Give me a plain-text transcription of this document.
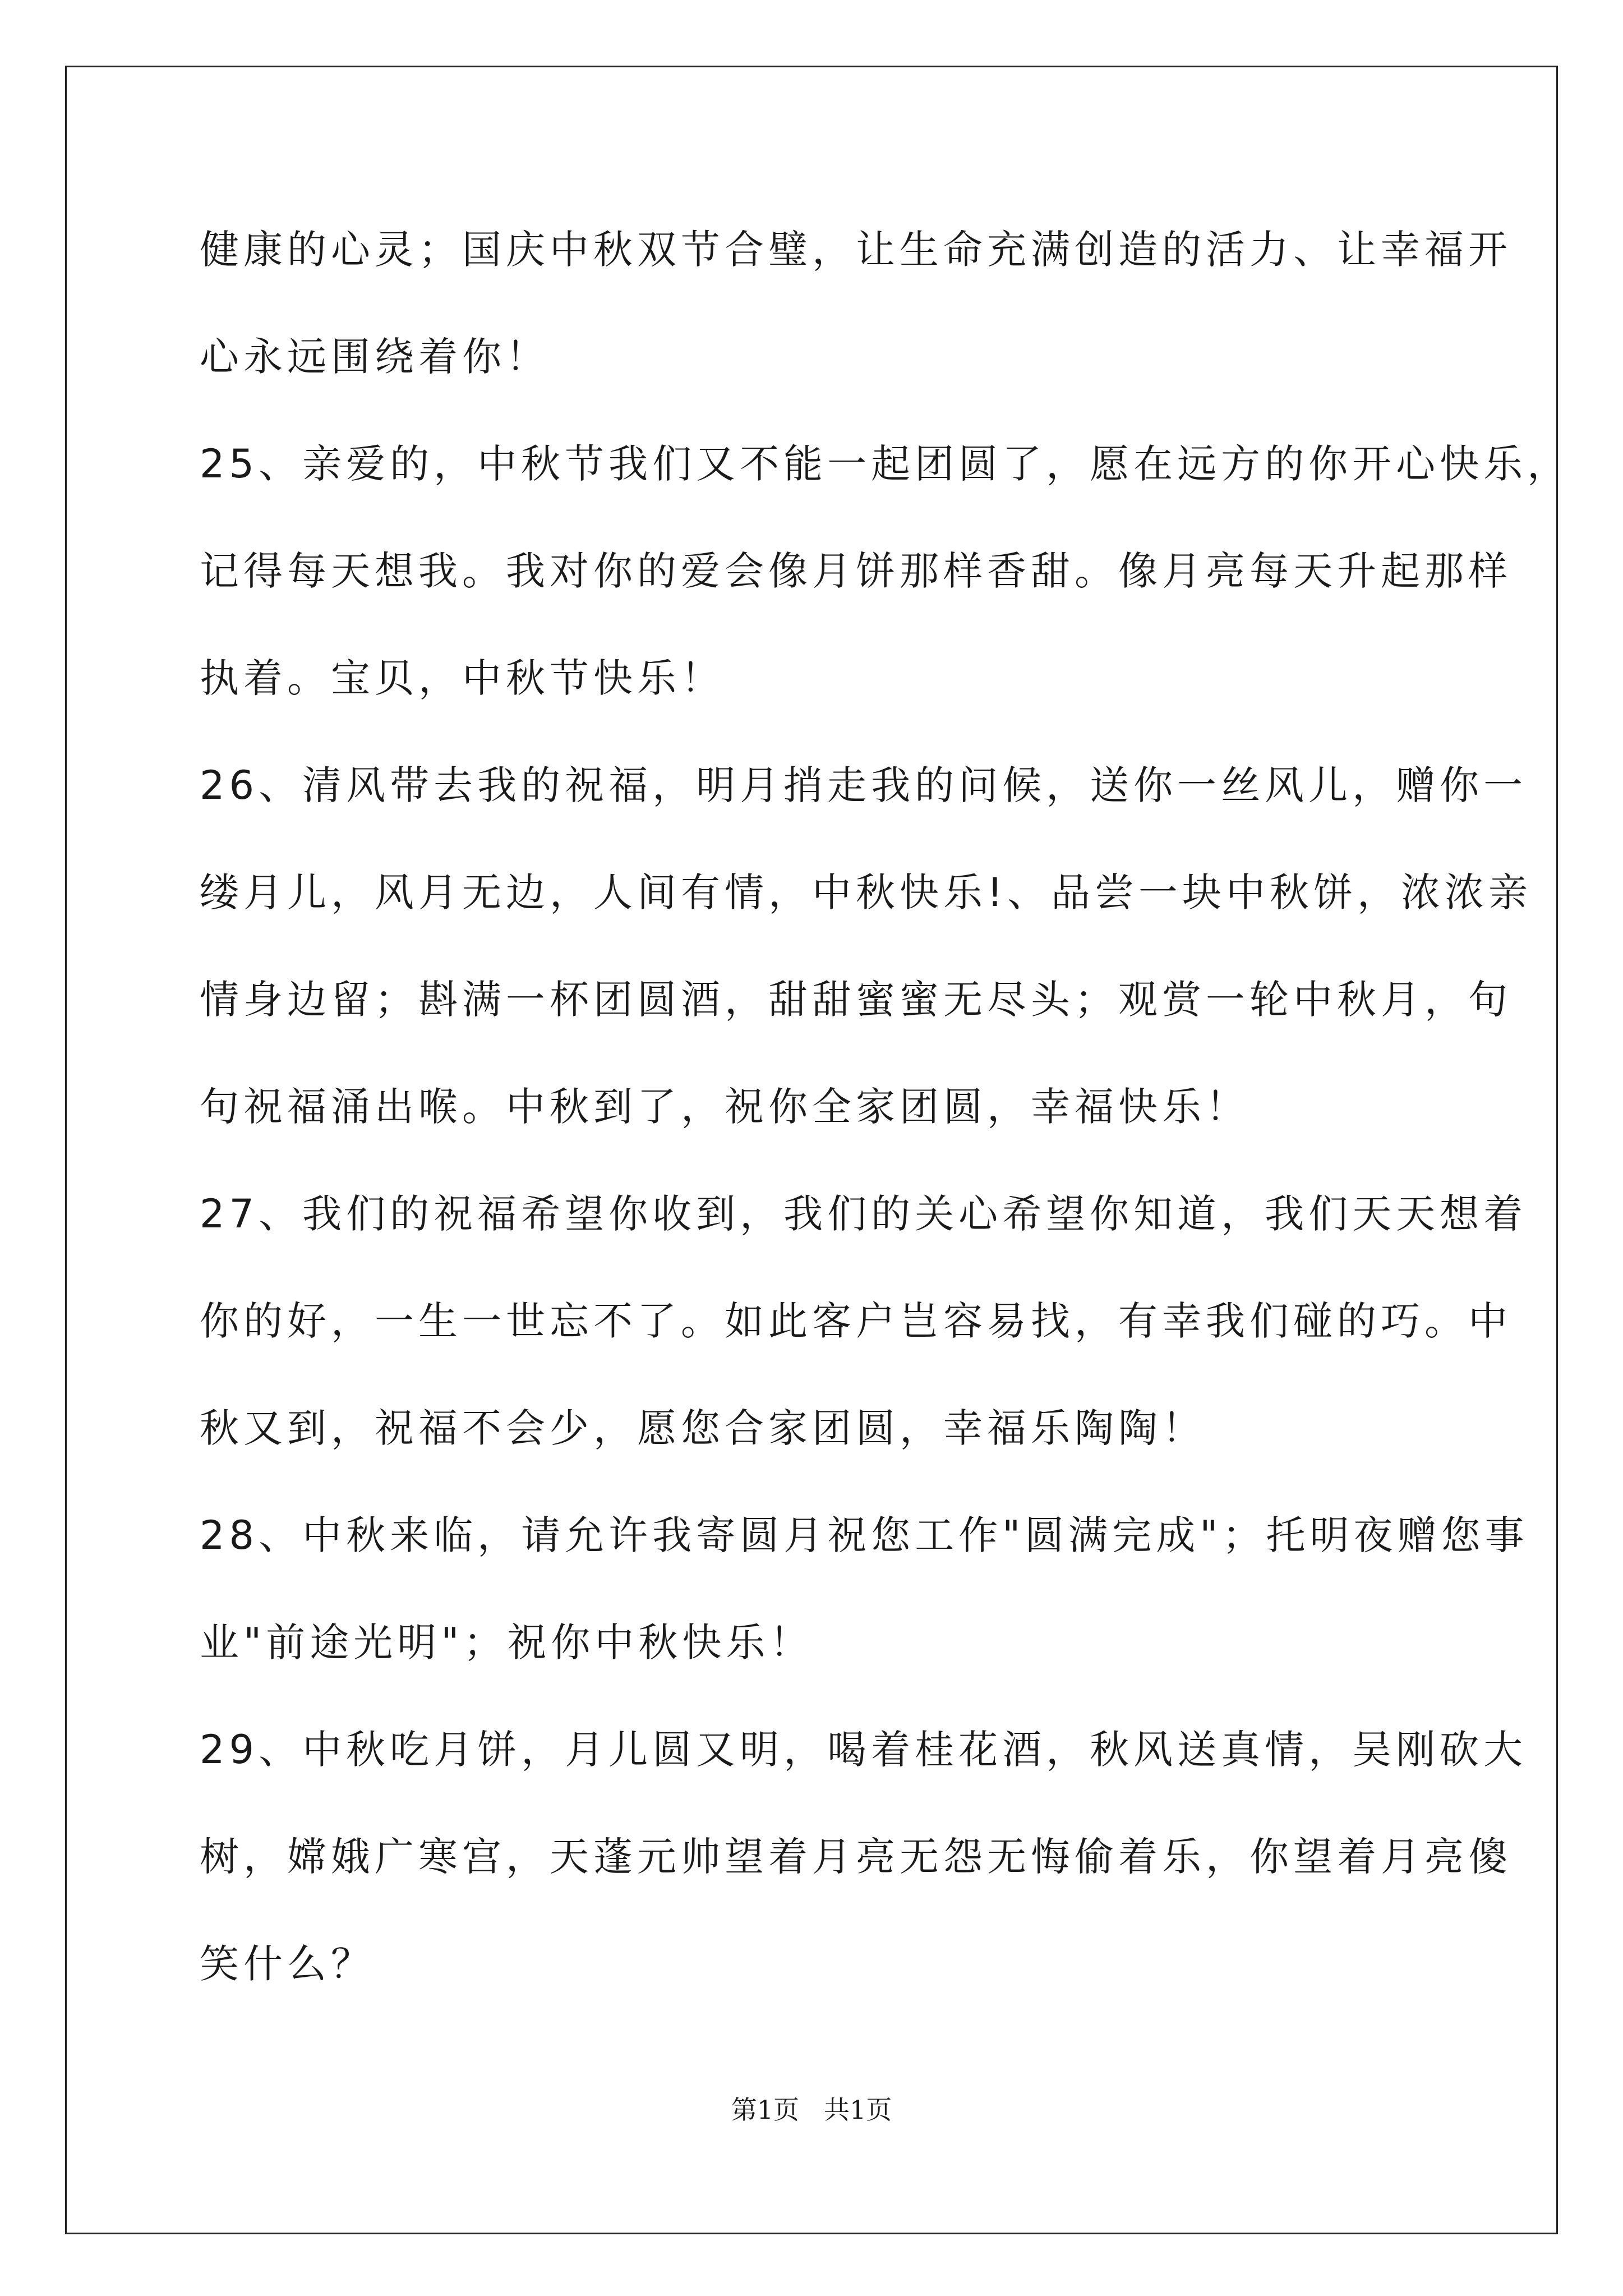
健康的心灵；国庆中秋双节合璧，让生命充满创造的活力、让幸福开
心永远围绕着你！
25、亲爱的，中秋节我们又不能一起团圆了，愿在远方的你开心快乐，
记得每天想我。我对你的爱会像月饼那样香甜。像月亮每天升起那样
执着。宝贝，中秋节快乐！
26、清风带去我的祝福，明月捎走我的问候，送你一丝风儿，赠你一
缕月儿，风月无边，人间有情，中秋快乐!、品尝一块中秋饼，浓浓亲
情身边留；斟满一杯团圆酒，甜甜蜜蜜无尽头；观赏一轮中秋月，句
句祝福涌出喉。中秋到了，祝你全家团圆，幸福快乐！
27、我们的祝福希望你收到，我们的关心希望你知道，我们天天想着
你的好，一生一世忘不了。如此客户岂容易找，有幸我们碰的巧。中
秋又到，祝福不会少，愿您合家团圆，幸福乐陶陶！
28、中秋来临，请允许我寄圆月祝您工作"圆满完成"；托明夜赠您事
业"前途光明"；祝你中秋快乐！
29、中秋吃月饼，月儿圆又明，喝着桂花酒，秋风送真情，吴刚砍大
树，嫦娥广寒宫，天蓬元帅望着月亮无怨无悔偷着乐，你望着月亮傻
笑什么？
第1页 共1页
